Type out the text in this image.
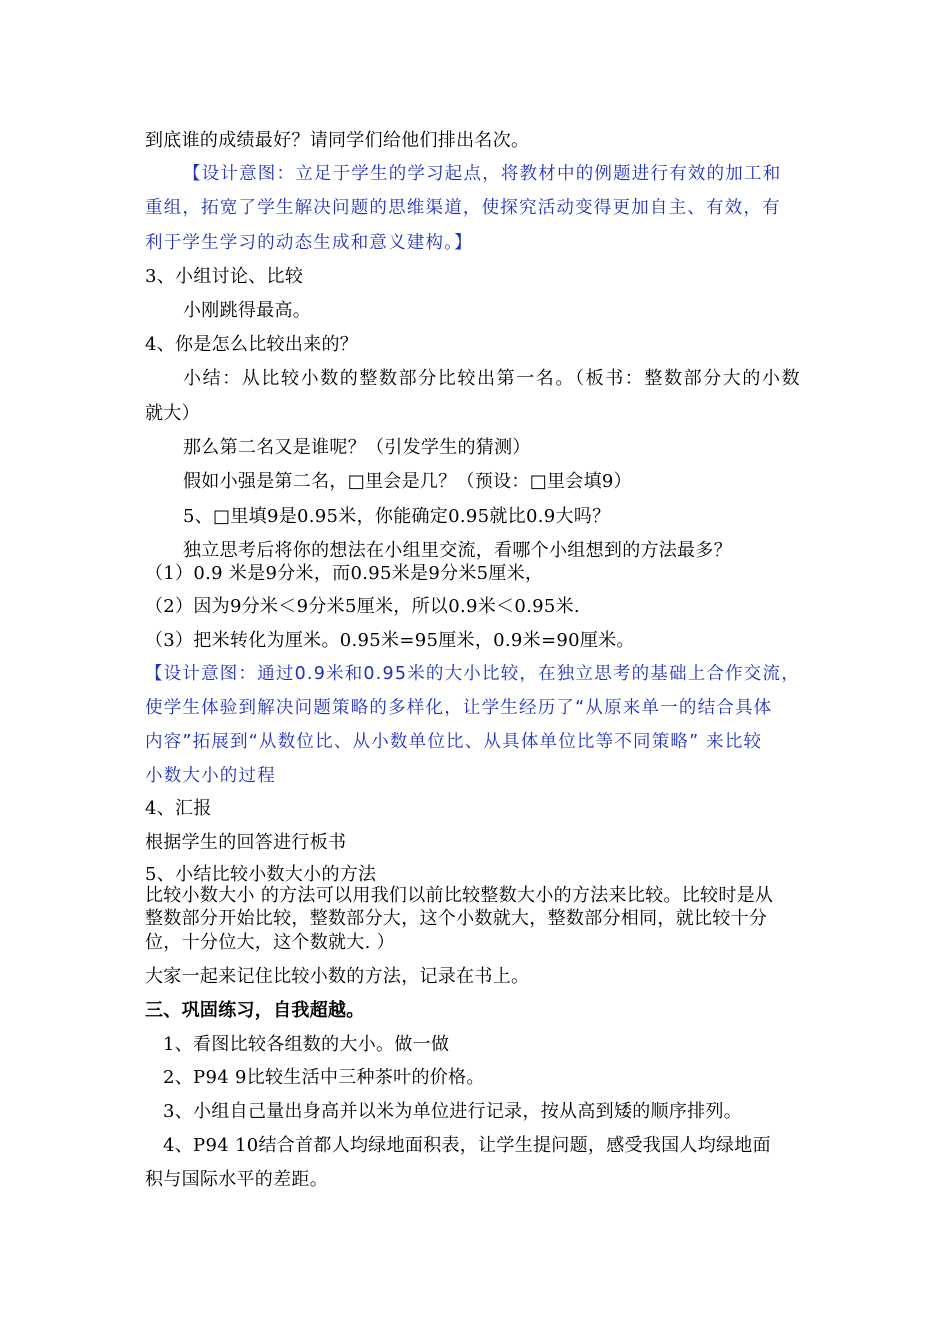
到底谁的成绩最好？请同学们给他们排出名次。
【设计意图：立足于学生的学习起点，将教材中的例题进行有效的加工和
重组，拓宽了学生解决问题的思维渠道，使探究活动变得更加自主、有效，有
利于学生学习的动态生成和意义建构。】
3、小组讨论、比较
小刚跳得最高。
4、你是怎么比较出来的？
小结：从比较小数的整数部分比较出第一名。（板书：整数部分大的小数
就大）
那么第二名又是谁呢？（引发学生的猜测）
假如小强是第二名，□里会是几？（预设：□里会填9）
5、□里填9是0.95米，你能确定0.95就比0.9大吗？
独立思考后将你的想法在小组里交流，看哪个小组想到的方法最多？
（1）0.9 米是9分米，而0.95米是9分米5厘米，
（2）因为9分米＜9分米5厘米，所以0.9米＜0.95米.
（3）把米转化为厘米。0.95米=95厘米，0.9米=90厘米。
【设计意图：通过0.9米和0.95米的大小比较，在独立思考的基础上合作交流，
使学生体验到解决问题策略的多样化，让学生经历了“从原来单一的结合具体
内容”拓展到“从数位比、从小数单位比、从具体单位比等不同策略” 来比较
小数大小的过程
4、汇报
根据学生的回答进行板书
5、小结比较小数大小的方法
比较小数大小 的方法可以用我们以前比较整数大小的方法来比较。比较时是从
整数部分开始比较，整数部分大，这个小数就大，整数部分相同，就比较十分
位，十分位大，这个数就大. ）
大家一起来记住比较小数的方法，记录在书上。
三、巩固练习，自我超越。
1、看图比较各组数的大小。做一做
2、P94 9比较生活中三种茶叶的价格。
3、小组自己量出身高并以米为单位进行记录，按从高到矮的顺序排列。
4、P94 10结合首都人均绿地面积表，让学生提问题，感受我国人均绿地面
积与国际水平的差距。
